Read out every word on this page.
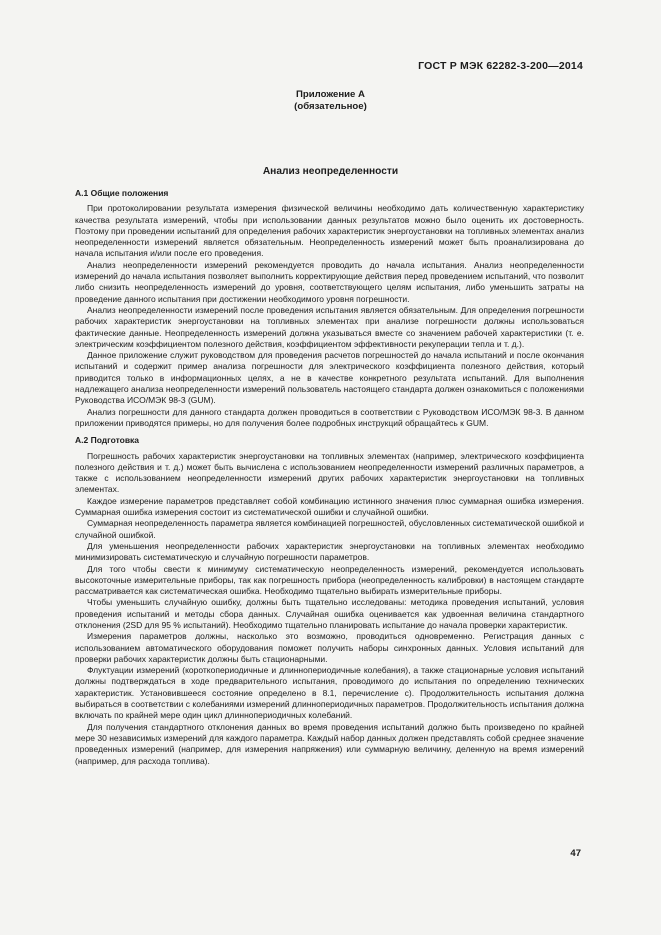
ГОСТ Р МЭК 62282-3-200—2014
Приложение А
(обязательное)
Анализ неопределенности
А.1 Общие положения

При протоколировании результата измерения физической величины необходимо дать количественную характеристику качества результата измерений, чтобы при использовании данных результатов можно было оценить их достоверность. Поэтому при проведении испытаний для определения рабочих характеристик энергоустановки на топливных элементах анализ неопределенности измерений является обязательным. Неопределенность измерений может быть проанализирована до начала испытания и/или после его проведения.

Анализ неопределенности измерений рекомендуется проводить до начала испытания. Анализ неопределенности измерений до начала испытания позволяет выполнить корректирующие действия перед проведением испытаний, что позволит либо снизить неопределенность измерений до уровня, соответствующего целям испытания, либо уменьшить затраты на проведение данного испытания при достижении необходимого уровня погрешности.

Анализ неопределенности измерений после проведения испытания является обязательным. Для определения погрешности рабочих характеристик энергоустановки на топливных элементах при анализе погрешности должны использоваться фактические данные. Неопределенность измерений должна указываться вместе со значением рабочей характеристики (т. е. электрическим коэффициентом полезного действия, коэффициентом эффективности рекуперации тепла и т. д.).

Данное приложение служит руководством для проведения расчетов погрешностей до начала испытаний и после окончания испытаний и содержит пример анализа погрешности для электрического коэффициента полезного действия, который приводится только в информационных целях, а не в качестве конкретного результата испытаний. Для выполнения надлежащего анализа неопределенности измерений пользователь настоящего стандарта должен ознакомиться с положениями Руководства ИСО/МЭК 98-3 (GUM).

Анализ погрешности для данного стандарта должен проводиться в соответствии с Руководством ИСО/МЭК 98-3. В данном приложении приводятся примеры, но для получения более подробных инструкций обращайтесь к GUM.

А.2 Подготовка

Погрешность рабочих характеристик энергоустановки на топливных элементах (например, электрического коэффициента полезного действия и т. д.) может быть вычислена с использованием неопределенности измерений различных параметров, а также с использованием неопределенности измерений других рабочих характеристик энергоустановки на топливных элементах.

Каждое измерение параметров представляет собой комбинацию истинного значения плюс суммарная ошибка измерения. Суммарная ошибка измерения состоит из систематической ошибки и случайной ошибки.

Суммарная неопределенность параметра является комбинацией погрешностей, обусловленных систематической ошибкой и случайной ошибкой.

Для уменьшения неопределенности рабочих характеристик энергоустановки на топливных элементах необходимо минимизировать систематическую и случайную погрешности параметров.

Для того чтобы свести к минимуму систематическую неопределенность измерений, рекомендуется использовать высокоточные измерительные приборы, так как погрешность прибора (неопределенность калибровки) в настоящем стандарте рассматривается как систематическая ошибка. Необходимо тщательно выбирать измерительные приборы.

Чтобы уменьшить случайную ошибку, должны быть тщательно исследованы: методика проведения испытаний, условия проведения испытаний и методы сбора данных. Случайная ошибка оценивается как удвоенная величина стандартного отклонения (2SD для 95 % испытаний). Необходимо тщательно планировать испытание до начала проверки характеристик.

Измерения параметров должны, насколько это возможно, проводиться одновременно. Регистрация данных с использованием автоматического оборудования поможет получить наборы синхронных данных. Условия испытаний для проверки рабочих характеристик должны быть стационарными.

Флуктуации измерений (короткопериодичные и длиннопериодичные колебания), а также стационарные условия испытаний должны подтверждаться в ходе предварительного испытания, проводимого до испытания по определению технических характеристик. Установившееся состояние определено в 8.1, перечисление с). Продолжительность испытания должна выбираться в соответствии с колебаниями измерений длиннопериодичных параметров. Продолжительность испытания должна включать по крайней мере один цикл длиннопериодичных колебаний.

Для получения стандартного отклонения данных во время проведения испытаний должно быть произведено по крайней мере 30 независимых измерений для каждого параметра. Каждый набор данных должен представлять собой среднее значение проведенных измерений (например, для измерения напряжения) или суммарную величину, деленную на время измерений (например, для расхода топлива).

47
